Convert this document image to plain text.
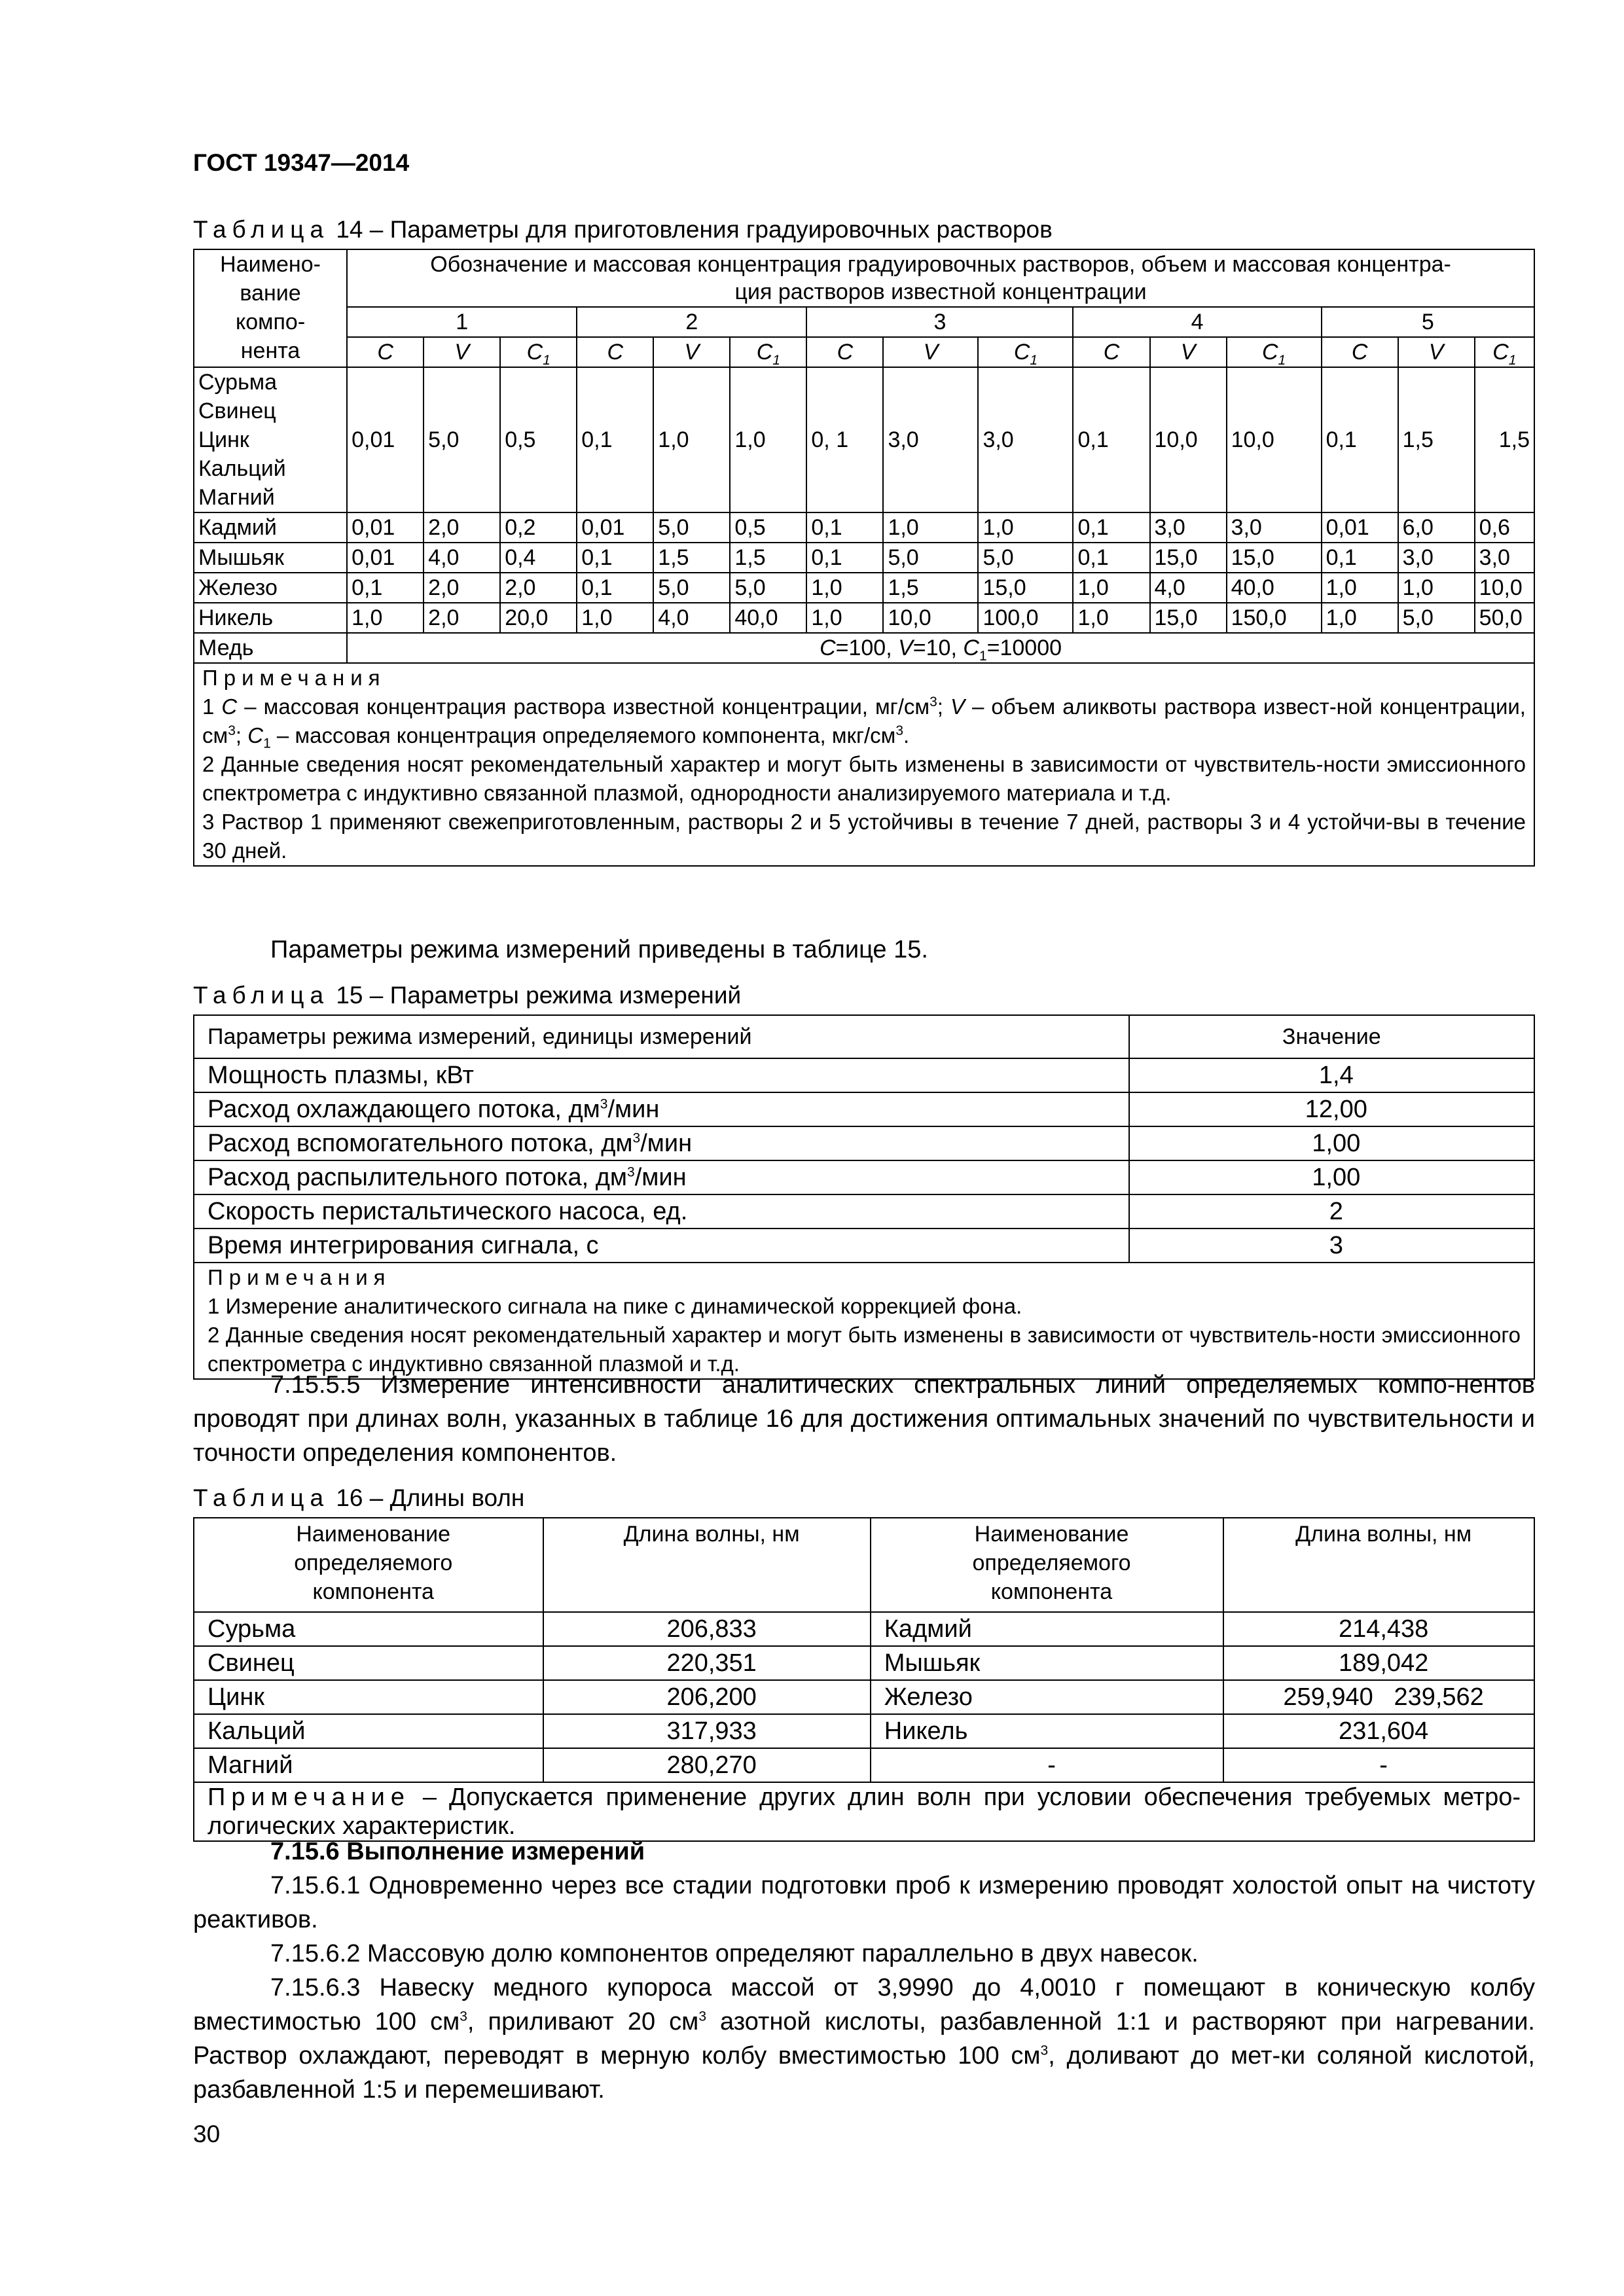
ГОСТ 19347—2014
Таблица 14 – Параметры для приготовления градуировочных растворов
Наимено-
вание
компо-
нента	Обозначение и массовая концентрация градуировочных растворов, объем и массовая концентра-
ция растворов известной концентрации														
	1			2			3			4			5		
	C	V	$C_1$	C	V	$C_1$	C	V	$C_1$	C	V	$C_1$	C	V	$C_1$

Сурьма
Свинец
Цинк
Кальций
Магний	0,01	5,0	0,5	0,1	1,0	1,0	0, 1	3,0	3,0	0,1	10,0	10,0	0,1	1,5	1,5
Кадмий	0,01	2,0	0,2	0,01	5,0	0,5	0,1	1,0	1,0	0,1	3,0	3,0	0,01	6,0	0,6
Мышьяк	0,01	4,0	0,4	0,1	1,5	1,5	0,1	5,0	5,0	0,1	15,0	15,0	0,1	3,0	3,0
Железо	0,1	2,0	2,0	0,1	5,0	5,0	1,0	1,5	15,0	1,0	4,0	40,0	1,0	1,0	10,0
Никель	1,0	2,0	20,0	1,0	4,0	40,0	1,0	10,0	100,0	1,0	15,0	150,0	1,0	5,0	50,0
Медь	C=100, V=10, $C_1=10000$														

Примечания
1 C – массовая концентрация раствора известной концентрации, $мг/см^3$; V – объем аликвоты раствора извест-ной концентрации, $см^3$; $C_1$ – массовая концентрация определяемого компонента, мкг/$см^3$.
2 Данные сведения носят рекомендательный характер и могут быть изменены в зависимости от чувствитель-ности эмиссионного спектрометра с индуктивно связанной плазмой, однородности анализируемого материала и т.д.
3 Раствор 1 применяют свежеприготовленным, растворы 2 и 5 устойчивы в течение 7 дней, растворы 3 и 4 устойчи-вы в течение 30 дней.															
Параметры режима измерений приведены в таблице 15.
Таблица 15 – Параметры режима измерений
Параметры режима измерений, единицы измерений	Значение
Мощность плазмы, кВт	1,4
Расход охлаждающего потока, $дм^3$/мин	12,00
Расход вспомогательного потока, $дм^3$/мин	1,00
Расход распылительного потока, $дм^3$/мин	1,00
Скорость перистальтического насоса, ед.	2
Время интегрирования сигнала, с	3

Примечания
1 Измерение аналитического сигнала на пике с динамической коррекцией фона.
2 Данные сведения носят рекомендательный характер и могут быть изменены в зависимости от чувствитель-ности эмиссионного спектрометра с индуктивно связанной плазмой и т.д.	
7.15.5.5 Измерение интенсивности аналитических спектральных линий определяемых компо-нентов проводят при длинах волн, указанных в таблице 16 для достижения оптимальных значений по чувствительности и точности определения компонентов.
Таблица 16 – Длины волн
Наименование
определяемого
компонента	Длина волны, нм	Наименование
определяемого
компонента	Длина волны, нм
Сурьма	206,833	Кадмий	214,438
Свинец	220,351	Мышьяк	189,042
Цинк	206,200	Железо	259,940   239,562
Кальций	317,933	Никель	231,604
Магний	280,270	-	-
Примечание – Допускается применение других длин волн при условии обеспечения требуемых метро-логических характеристик.			
7.15.6 Выполнение измерений
7.15.6.1 Одновременно через все стадии подготовки проб к измерению проводят холостой опыт на чистоту реактивов.
7.15.6.2 Массовую долю компонентов определяют параллельно в двух навесок.
7.15.6.3 Навеску медного купороса массой от 3,9990 до 4,0010 г помещают в коническую колбу вместимостью 100 $см^3$, приливают 20 $см^3$ азотной кислоты, разбавленной 1:1 и растворяют при нагревании. Раствор охлаждают, переводят в мерную колбу вместимостью 100 $см^3$, доливают до мет-ки соляной кислотой, разбавленной 1:5 и перемешивают.
30
